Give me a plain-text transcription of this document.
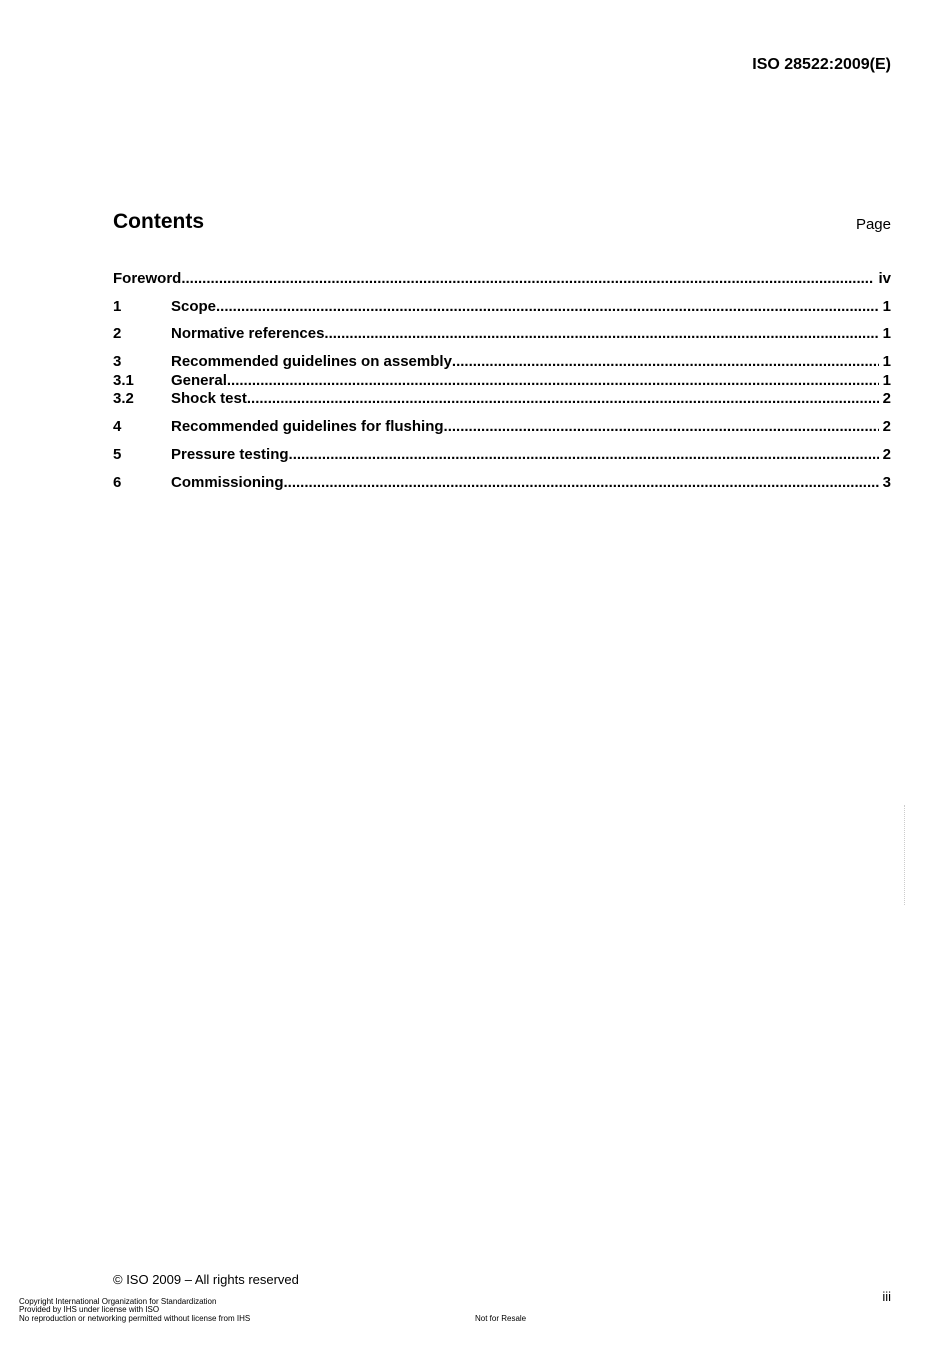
ISO 28522:2009(E)
Contents	Page
Foreword .....	iv
1	Scope .....	1
2	Normative references .....	1
3	Recommended guidelines on assembly .....	1
3.1	General .....	1
3.2	Shock test .....	2
4	Recommended guidelines for flushing .....	2
5	Pressure testing .....	2
6	Commissioning .....	3
© ISO 2009 – All rights reserved
iii
Copyright International Organization for Standardization
Provided by IHS under license with ISO
No reproduction or networking permitted without license from IHS	Not for Resale
